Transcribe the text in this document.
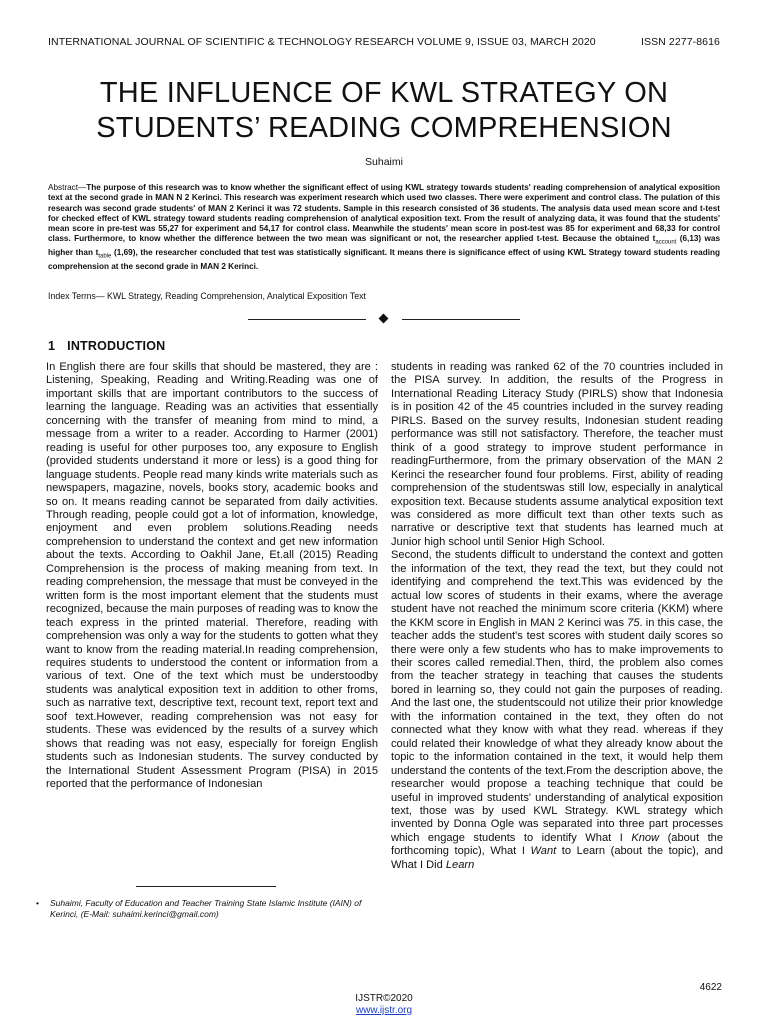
INTERNATIONAL JOURNAL OF SCIENTIFIC & TECHNOLOGY RESEARCH VOLUME 9, ISSUE 03, MARCH 2020	ISSN 2277-8616
THE INFLUENCE OF KWL STRATEGY ON
STUDENTS’ READING COMPREHENSION
Suhaimi
Abstract—The purpose of this research was to know whether the significant effect of using KWL strategy towards students' reading comprehension of analytical exposition text at the second grade in MAN N 2 Kerinci. This research was experiment research which used two classes. There were experiment and control class. The pulation of this research was second grade students' of MAN 2 Kerinci it was 72 students. Sample in this research consisted of 36 students. The analysis data used mean score and t-test for checked effect of KWL strategy toward students reading comprehension of analytical exposition text. From the result of analyzing data, it was found that the students' mean score in pre-test was 55,27 for experiment and 54,17 for control class. Meanwhile the students' mean score in post-test was 85 for experiment and 68,33 for control class. Furthermore, to know whether the difference between the two mean was significant or not, the researcher applied t-test. Because the obtained $t_{account}$ (6,13) was higher than $t_{table}$ (1,69), the researcher concluded that test was statistically significant. It means there is significance effect of using KWL Strategy toward students reading comprehension at the second grade in MAN 2 Kerinci.
Index Terms— KWL Strategy, Reading Comprehension, Analytical Exposition Text
1 INTRODUCTION

In English there are four skills that should be mastered, they are : Listening, Speaking, Reading and Writing.Reading was one of important skills that are important contributors to the success of learning the language. Reading was an activities that essentially concerning with the transfer of meaning from mind to mind, a message from a writer to a reader. According to Harmer (2001) reading is useful for other purposes too, any exposure to English (provided students understand it more or less) is a good thing for language students. People read many kinds write materials such as newspapers, magazine, novels, books story, academic books and so on. It means reading cannot be separated from daily activities. Through reading, people could got a lot of information, knowledge, enjoyment and even problem solutions.Reading needs comprehension to understand the context and get new information about the texts. According to Oakhil Jane, Et.all (2015) Reading Comprehension is the process of making meaning from text. In reading comprehension, the message that must be conveyed in the written form is the most important element that the students must recognized, because the main purposes of reading was to know the teach express in the printed material. Therefore, reading with comprehension was only a way for the students to gotten what they want to know from the reading material.In reading comprehension, requires students to understood the content or information from a various of text. One of the text which must be understoodby students was analytical exposition text in addition to other froms, such as narrative text, descriptive text, recount text, report text and soof text.However, reading comprehension was not easy for students. These was evidenced by the results of a survey which shows that reading was not easy, especially for foreign English students such as Indonesian students. The survey conducted by the International Student Assessment Program (PISA) in 2015 reported that the performance of Indonesian

students in reading was ranked 62 of the 70 countries included in the PISA survey. In addition, the results of the Progress in International Reading Literacy Study (PIRLS) show that Indonesia is in position 42 of the 45 countries included in the survey reading PIRLS. Based on the survey results, Indonesian student reading performance was still not satisfactory. Therefore, the teacher must think of a good strategy to improve student performance in readingFurthermore, from the primary observation of the MAN 2 Kerinci the researcher found four problems. First, ability of reading comprehension of the studentswas still low, especially in analytical exposition text. Because students assume analytical exposition text was considered as more difficult text than other texts such as narrative or descriptive text that students has learned much at Junior high school until Senior High School.

Second, the students difficult to understand the context and gotten the information of the text, they read the text, but they could not identifying and comprehend the text.This was evidenced by the actual low scores of students in their exams, where the average student have not reached the minimum score criteria (KKM) where the KKM score in English in MAN 2 Kerinci was 75. in this case, the teacher adds the student's test scores with student daily scores so there were only a few students who has to make improvements to their scores called remedial.Then, third, the problem also comes from the teacher strategy in teaching that causes the students bored in learning so, they could not gain the purposes of reading. And the last one, the studentscould not utilize their prior knowledge with the information contained in the text, they often do not connected what they know with what they read. whereas if they could related their knowledge of what they already know about the topic to the information contained in the text, it would help them understand the contents of the text.From the description above, the researcher would propose a teaching technique that could be useful in improved students' understanding of analytical exposition text, those was by used KWL Strategy. KWL strategy which invented by Donna Ogle was separated into three part processes which engage students to identify What I Know (about the forthcoming topic), What I Want to Learn (about the topic), and What I Did Learn

• Suhaimi, Faculty of Education and Teacher Training State Islamic Institute (IAIN) of Kerinci, (E-Mail: suhaimi.kerinci@gmail.com)
4622
IJSTR©2020
www.ijstr.org
